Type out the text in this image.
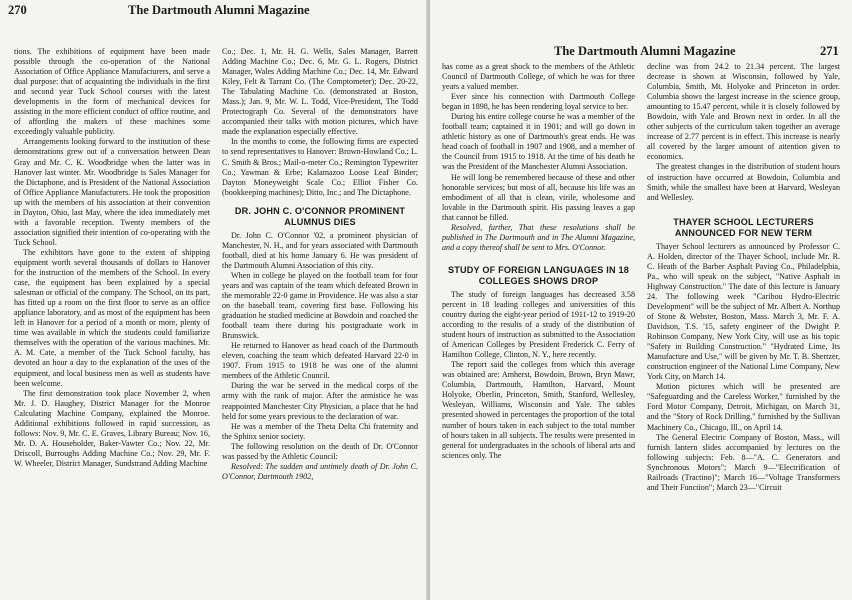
270	The Dartmouth Alumni Magazine

tions. The exhibitions of equipment have been made possible through the co-operation of the National Association of Office Appliance Manufacturers, and serve a dual purpose: that of acquainting the individuals in the first and second year Tuck School courses with the latest developments in the form of mechanical devices for assisting in the more efficient conduct of office routine, and of affording the makers of these machines some exceedingly valuable publicity.

Arrangements looking forward to the institution of these demonstrations grew out of a conversation between Dean Gray and Mr. C. K. Woodbridge when the latter was in Hanover last winter. Mr. Woodbridge is Sales Manager for the Dictaphone, and is President of the National Association of Office Appliance Manufacturers. He took the proposition up with the members of his association at their convention in Dayton, Ohio, last May, where the idea immediately met with a favorable reception. Twenty members of the association signified their intention of co-operating with the Tuck School.

The exhibitors have gone to the extent of shipping equipment worth several thousands of dollars to Hanover for the instruction of the members of the School. In every case, the equipment has been explained by a special salesman or official of the company. The School, on its part, has fitted up a room on the first floor to serve as an office appliance laboratory, and as most of the equipment has been left in Hanover for a period of a month or more, plenty of time was available in which the students could familiarize themselves with the operation of the various machines. Mr. A. M. Cate, a member of the Tuck School faculty, has devoted an hour a day to the explanation of the uses of the equipment, and local business men as well as students have been welcome.

The first demonstration took place November 2, when Mr. J. D. Haughey, District Manager for the Monroe Calculating Machine Company, explained the Monroe. Additional exhibitions followed in rapid succession, as follows: Nov. 9, Mr. C. E. Graves, Library Bureau; Nov. 16, Mr. D. A. Householder, Baker-Vawter Co.; Nov. 22, Mr. Driscoll, Burroughs Adding Machine Co.; Nov. 29, Mr. F. W. Wheeler, District Manager, Sundstrand Adding Machine

Co.; Dec. 1, Mr. H. G. Wells, Sales Manager, Barrett Adding Machine Co.; Dec. 6, Mr. G. L. Rogers, District Manager, Wales Adding Machine Co.; Dec. 14, Mr. Edward Kiley, Felt & Tarrant Co. (The Comptometer); Dec. 20-22, The Tabulating Machine Co. (demonstrated at Boston, Mass.); Jan. 9, Mr. W. L. Todd, Vice-President, The Todd Protectograph Co. Several of the demonstrators have accompanied their talks with motion pictures, which have made the explanation especially effective.

In the months to come, the following firms are expected to send representatives to Hanover: Brown-Howland Co.; L. C. Smith & Bros.; Mail-o-meter Co.; Remington Typewriter Co.; Yawman & Erbe; Kalamazoo Loose Leaf Binder; Dayton Moneyweight Scale Co.; Elliot Fisher Co. (bookkeeping machines); Ditto, Inc.; and The Dictaphone.

DR. JOHN C. O'CONNOR PROMINENT ALUMNUS DIES

Dr. John C. O'Connor '02, a prominent physician of Manchester, N. H., and for years associated with Dartmouth football, died at his home January 6. He was president of the Dartmouth Alumni Association of this city.

When in college he played on the football team for four years and was captain of the team which defeated Brown in the memorable 22-0 game in Providence. He was also a star on the baseball team, covering first base. Following his graduation he studied medicine at Bowdoin and coached the football team there during his postgraduate work in Brunswick.

He returned to Hanover as head coach of the Dartmouth eleven, coaching the team which defeated Harvard 22-0 in 1907. From 1915 to 1918 he was one of the alumni members of the Athletic Council.

During the war he served in the medical corps of the army with the rank of major. After the armistice he was reappointed Manchester City Physician, a place that he had held for some years previous to the declaration of war.

He was a member of the Theta Delta Chi fraternity and the Sphinx senior society.

The following resolution on the death of Dr. O'Connor was passed by the Athletic Council:

Resolved: The sudden and untimely death of Dr. John C. O'Connor, Dartmouth 1902,

The Dartmouth Alumni Magazine	271

has come as a great shock to the members of the Athletic Council of Dartmouth College, of which he was for three years a valued member.

Ever since his connection with Dartmouth College began in 1898, he has been rendering loyal service to her.

During his entire college course he was a member of the football team; captained it in 1901; and will go down in athletic history as one of Dartmouth's great ends. He was head coach of football in 1907 and 1908, and a member of the Council from 1915 to 1918. At the time of his death he was the President of the Manchester Alumni Association.

He will long be remembered because of these and other honorable services; but most of all, because his life was an embodiment of all that is clean, virile, wholesome and lovable in the Dartmouth spirit. His passing leaves a gap that cannot be filled.

Resolved, further, That these resolutions shall be published in The Dartmouth and in The Alumni Magazine, and a copy thereof shall be sent to Mrs. O'Connor.

STUDY OF FOREIGN LANGUAGES IN 18 COLLEGES SHOWS DROP

The study of foreign languages has decreased 3.58 percent in 18 leading colleges and universities of this country during the eight-year period of 1911-12 to 1919-20 according to the results of a study of the distribution of student hours of instruction as submitted to the Association of American Colleges by President Frederick C. Ferry of Hamilton College, Clinton, N. Y., here recently.

The report said the colleges from which this average was obtained are: Amherst, Bowdoin, Brown, Bryn Mawr, Columbia, Dartmouth, Hamilton, Harvard, Mount Holyoke, Oberlin, Princeton, Smith, Stanford, Wellesley, Wesleyan, Williams, Wisconsin and Yale. The tables presented showed in percentages the proportion of the total number of hours taken in each subject to the total number of hours taken in all subjects. The results were presented in general for undergraduates in the schools of liberal arts and sciences only. The

decline was from 24.2 to 21.34 percent. The largest decrease is shown at Wisconsin, followed by Yale, Columbia, Smith, Mt. Holyoke and Princeton in order. Columbia shows the largest increase in the science group, amounting to 15.47 percent, while it is closely followed by Bowdoin, with Yale and Brown next in order. In all the other subjects of the curriculum taken together an average increase of 2.77 percent is in effect. This increase is nearly all covered by the larger amount of attention given to economics.

The greatest changes in the distribution of student hours of instruction have occurred at Bowdoin, Columbia and Smith, while the smallest have been at Harvard, Wesleyan and Wellesley.

THAYER SCHOOL LECTURERS ANNOUNCED FOR NEW TERM

Thayer School lecturers as announced by Professor C. A. Holden, director of the Thayer School, include Mr. R. C. Heath of the Barber Asphalt Paving Co., Philadelphia, Pa., who will speak on the subject, "Native Asphalt in Highway Construction." The date of this lecture is January 24. The following week "Caribou Hydro-Electric Development" will be the subject of Mr. Albert A. Northup of Stone & Webster, Boston, Mass. March 3, Mr. F. A. Davidson, T.S. '15, safety engineer of the Dwight P. Robinson Company, New York City, will use as his topic "Safety in Building Construction." "Hydrated Lime, Its Manufacture and Use," will be given by Mr. T. B. Shertzer, construction engineer of the National Lime Company, New York City, on March 14.

Motion pictures which will be presented are "Safeguarding and the Careless Worker," furnished by the Ford Motor Company, Detroit, Michigan, on March 31, and the "Story of Rock Drilling," furnished by the Sullivan Machinery Co., Chicago, Ill., on April 14.

The General Electric Company of Boston, Mass., will furnish lantern slides accompanied by lectures on the following subjects: Feb. 8—"A. C. Generators and Synchronous Motors"; March 9—"Electrification of Railroads (Tractino)"; March 16—"Voltage Transformers and Their Function"; March 23—"Circuit
